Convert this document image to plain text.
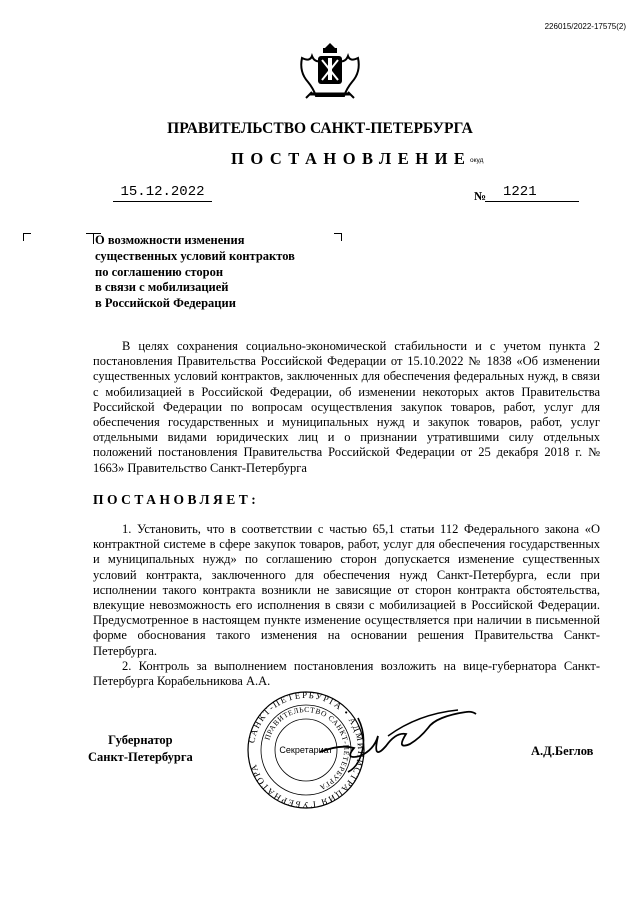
226015/2022-17575(2)
ПРАВИТЕЛЬСТВО САНКТ-ПЕТЕРБУРГА
ПОСТАНОВЛЕНИЕ
окуд
15.12.2022	№	1221
О возможности изменения
существенных условий контрактов
по соглашению сторон
в связи с мобилизацией
в Российской Федерации

В целях сохранения социально-экономической стабильности и с учетом пункта 2 постановления Правительства Российской Федерации от 15.10.2022 № 1838 «Об изменении существенных условий контрактов, заключенных для обеспечения федеральных нужд, в связи с мобилизацией в Российской Федерации, об изменении некоторых актов Правительства Российской Федерации по вопросам осуществления закупок товаров, работ, услуг для обеспечения государственных и муниципальных нужд и закупок товаров, работ, услуг отдельными видами юридических лиц и о признании утратившими силу отдельных положений постановления Правительства Российской Федерации от 25 декабря 2018 г. № 1663» Правительство Санкт-Петербурга

ПОСТАНОВЛЯЕТ:

1. Установить, что в соответствии с частью 65,1 статьи 112 Федерального закона «О контрактной системе в сфере закупок товаров, работ, услуг для обеспечения государственных и муниципальных нужд» по соглашению сторон допускается изменение существенных условий контракта, заключенного для обеспечения нужд Санкт-Петербурга, если при исполнении такого контракта возникли не зависящие от сторон контракта обстоятельства, влекущие невозможность его исполнения в связи с мобилизацией в Российской Федерации. Предусмотренное в настоящем пункте изменение осуществляется при наличии в письменной форме обоснования такого изменения на основании решения Правительства Санкт-Петербурга.

2. Контроль за выполнением постановления возложить на вице-губернатора Санкт-Петербурга Корабельникова А.А.

Губернатор
Санкт-Петербурга
САНКТ-ПЕТЕРБУРГА • АДМИНИСТРАЦИЯ ГУБЕРНАТОРА
ПРАВИТЕЛЬСТВО САНКТ-ПЕТЕРБУРГА
Секретариат	А.Д.Беглов
